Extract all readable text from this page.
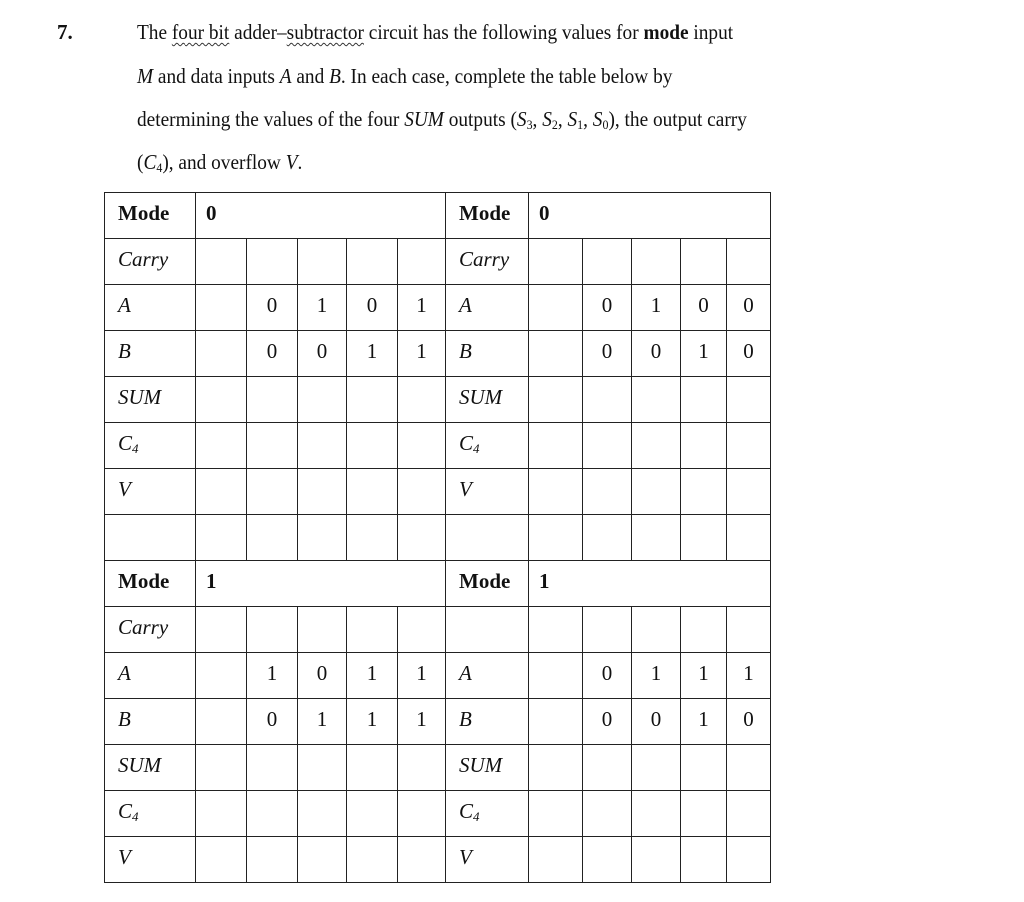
7.	The four bit adder–subtractor circuit has the following values for mode input
M and data inputs A and B. In each case, complete the table below by
determining the values of the four SUM outputs ($S_3$, $S_2$, $S_1$, $S_0$), the output carry
$(C_4)$, and overflow V.
Mode	0					Mode	0				
Carry						Carry					
A		0	1	0	1	A		0	1	0	0
B		0	0	1	1	B		0	0	1	0
SUM						SUM					
$C_4$						$C_4$					
V						V					

Mode	1					Mode	1				
Carry											
A		1	0	1	1	A		0	1	1	1
B		0	1	1	1	B		0	0	1	0
SUM						SUM					
$C_4$						$C_4$					
V						V					
